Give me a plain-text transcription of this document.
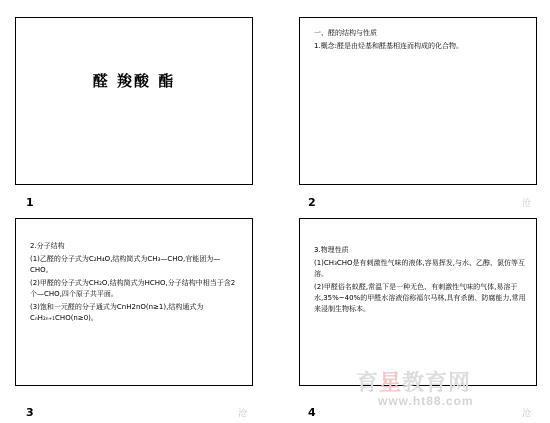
醛 羧酸 酯
1

一、醛的结构与性质

1.概念:醛是由烃基和醛基相连而构成的化合物。

2	沧

2.分子结构

(1)乙醛的分子式为C₂H₄O,结构简式为CH₃—CHO,官能团为—CHO。

(2)甲醛的分子式为CH₂O,结构简式为HCHO,分子结构中相当于含2个—CHO,四个原子共平面。

(3)饱和一元醛的分子通式为CnH2nO(n≥1),结构通式为CₙH₂ₙ₊₁CHO(n≥0)。

3	沧

3.物理性质

(1)CH₃CHO是有刺激性气味的液体,容易挥发,与水、乙醇、氯仿等互溶。

(2)甲醛俗名蚁醛,常温下是一种无色、有刺激性气味的气体,易溶于水,35%~40%的甲醛水溶液俗称福尔马林,具有杀菌、防腐能力,常用来浸制生物标本。

4	沧
育星教育网
www.ht88.com
